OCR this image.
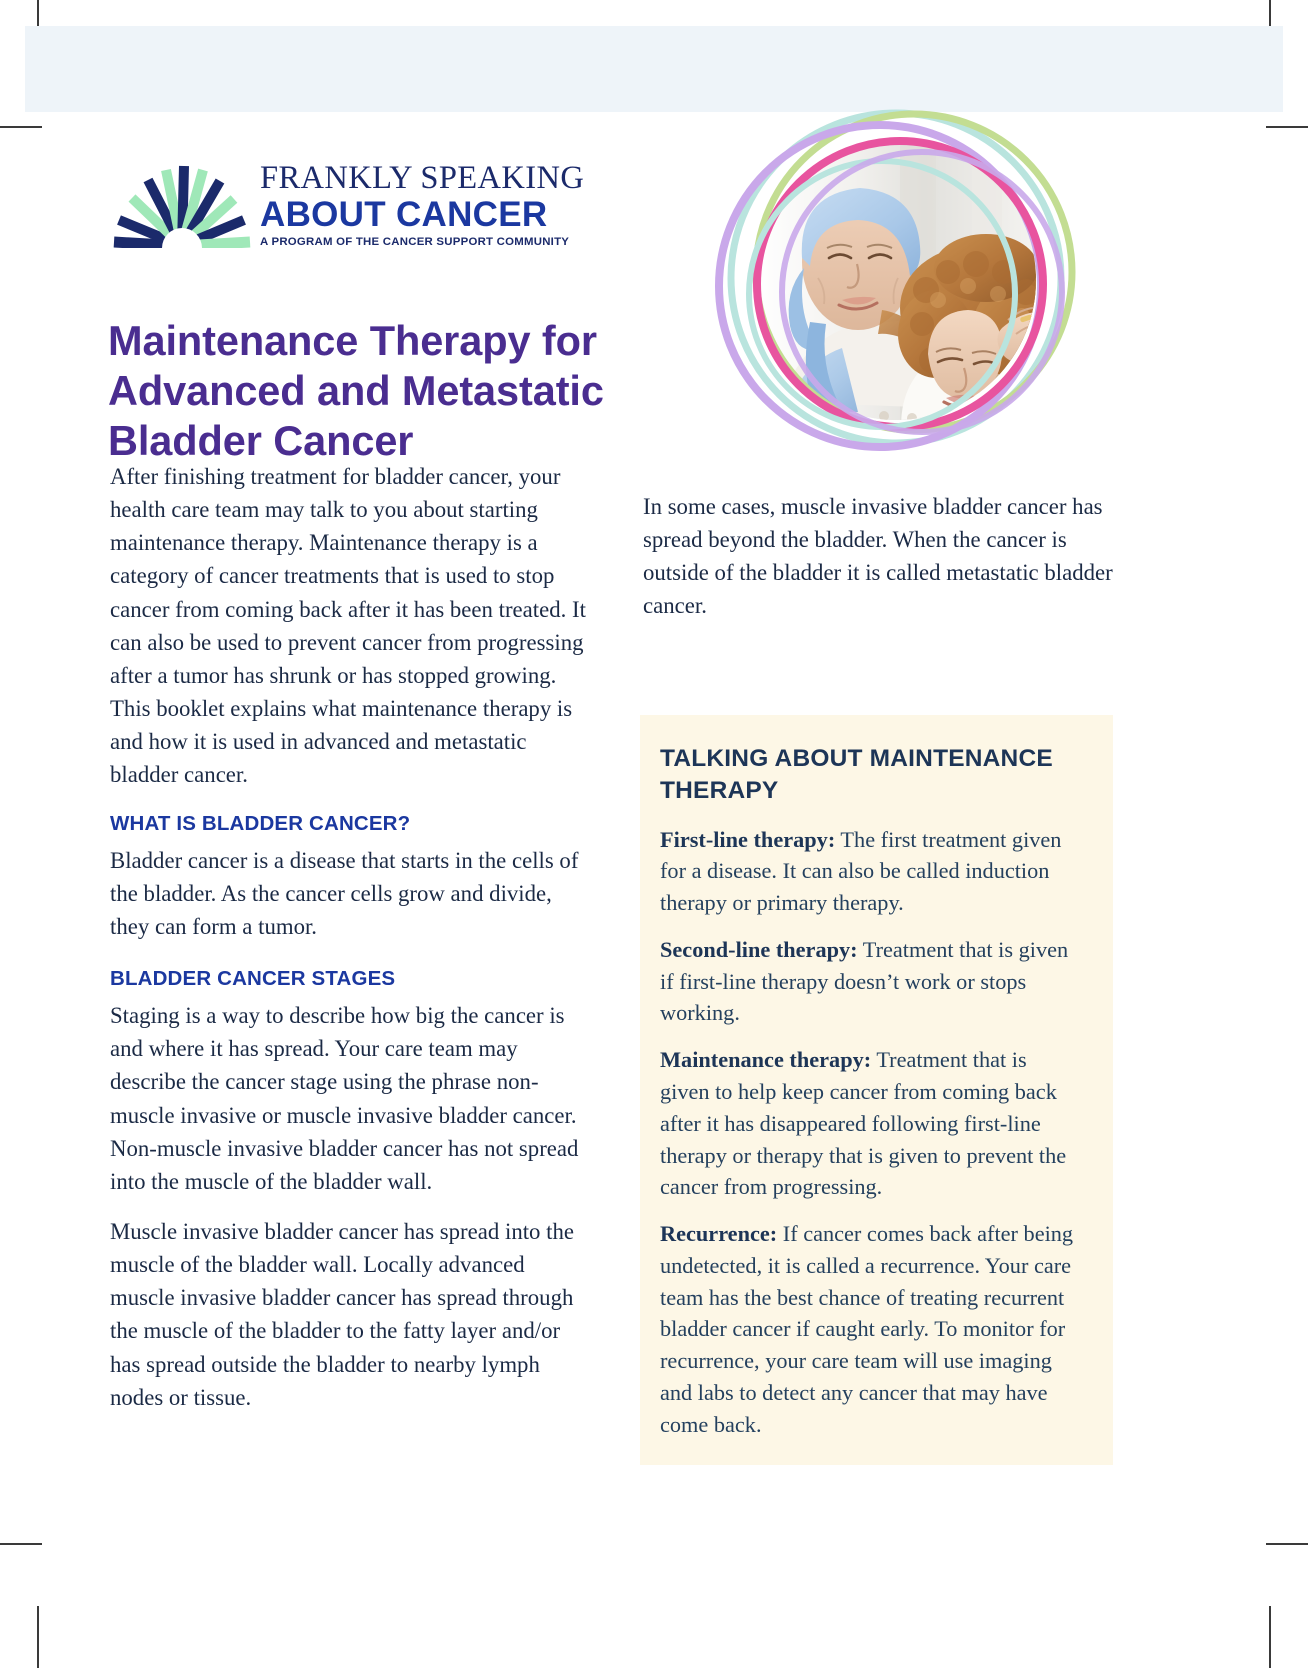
FRANKLY SPEAKING
ABOUT CANCER
A PROGRAM OF THE CANCER SUPPORT COMMUNITY
Maintenance Therapy for Advanced and Metastatic Bladder Cancer

After finishing treatment for bladder cancer, your health care team may talk to you about starting maintenance therapy. Maintenance therapy is a category of cancer treatments that is used to stop cancer from coming back after it has been treated. It can also be used to prevent cancer from progressing after a tumor has shrunk or has stopped growing. This booklet explains what maintenance therapy is and how it is used in advanced and metastatic bladder cancer.

WHAT IS BLADDER CANCER?

Bladder cancer is a disease that starts in the cells of the bladder. As the cancer cells grow and divide, they can form a tumor.

BLADDER CANCER STAGES

Staging is a way to describe how big the cancer is and where it has spread. Your care team may describe the cancer stage using the phrase non-muscle invasive or muscle invasive bladder cancer. Non-muscle invasive bladder cancer has not spread into the muscle of the bladder wall.

Muscle invasive bladder cancer has spread into the muscle of the bladder wall. Locally advanced muscle invasive bladder cancer has spread through the muscle of the bladder to the fatty layer and/or has spread outside the bladder to nearby lymph nodes or tissue.

In some cases, muscle invasive bladder cancer has spread beyond the bladder. When the cancer is outside of the bladder it is called metastatic bladder cancer.

TALKING ABOUT MAINTENANCE THERAPY

First-line therapy: The first treatment given for a disease. It can also be called induction therapy or primary therapy.

Second-line therapy: Treatment that is given if first-line therapy doesn’t work or stops working.

Maintenance therapy: Treatment that is given to help keep cancer from coming back after it has disappeared following first-line therapy or therapy that is given to prevent the cancer from progressing.

Recurrence: If cancer comes back after being undetected, it is called a recurrence. Your care team has the best chance of treating recurrent bladder cancer if caught early. To monitor for recurrence, your care team will use imaging and labs to detect any cancer that may have come back.
